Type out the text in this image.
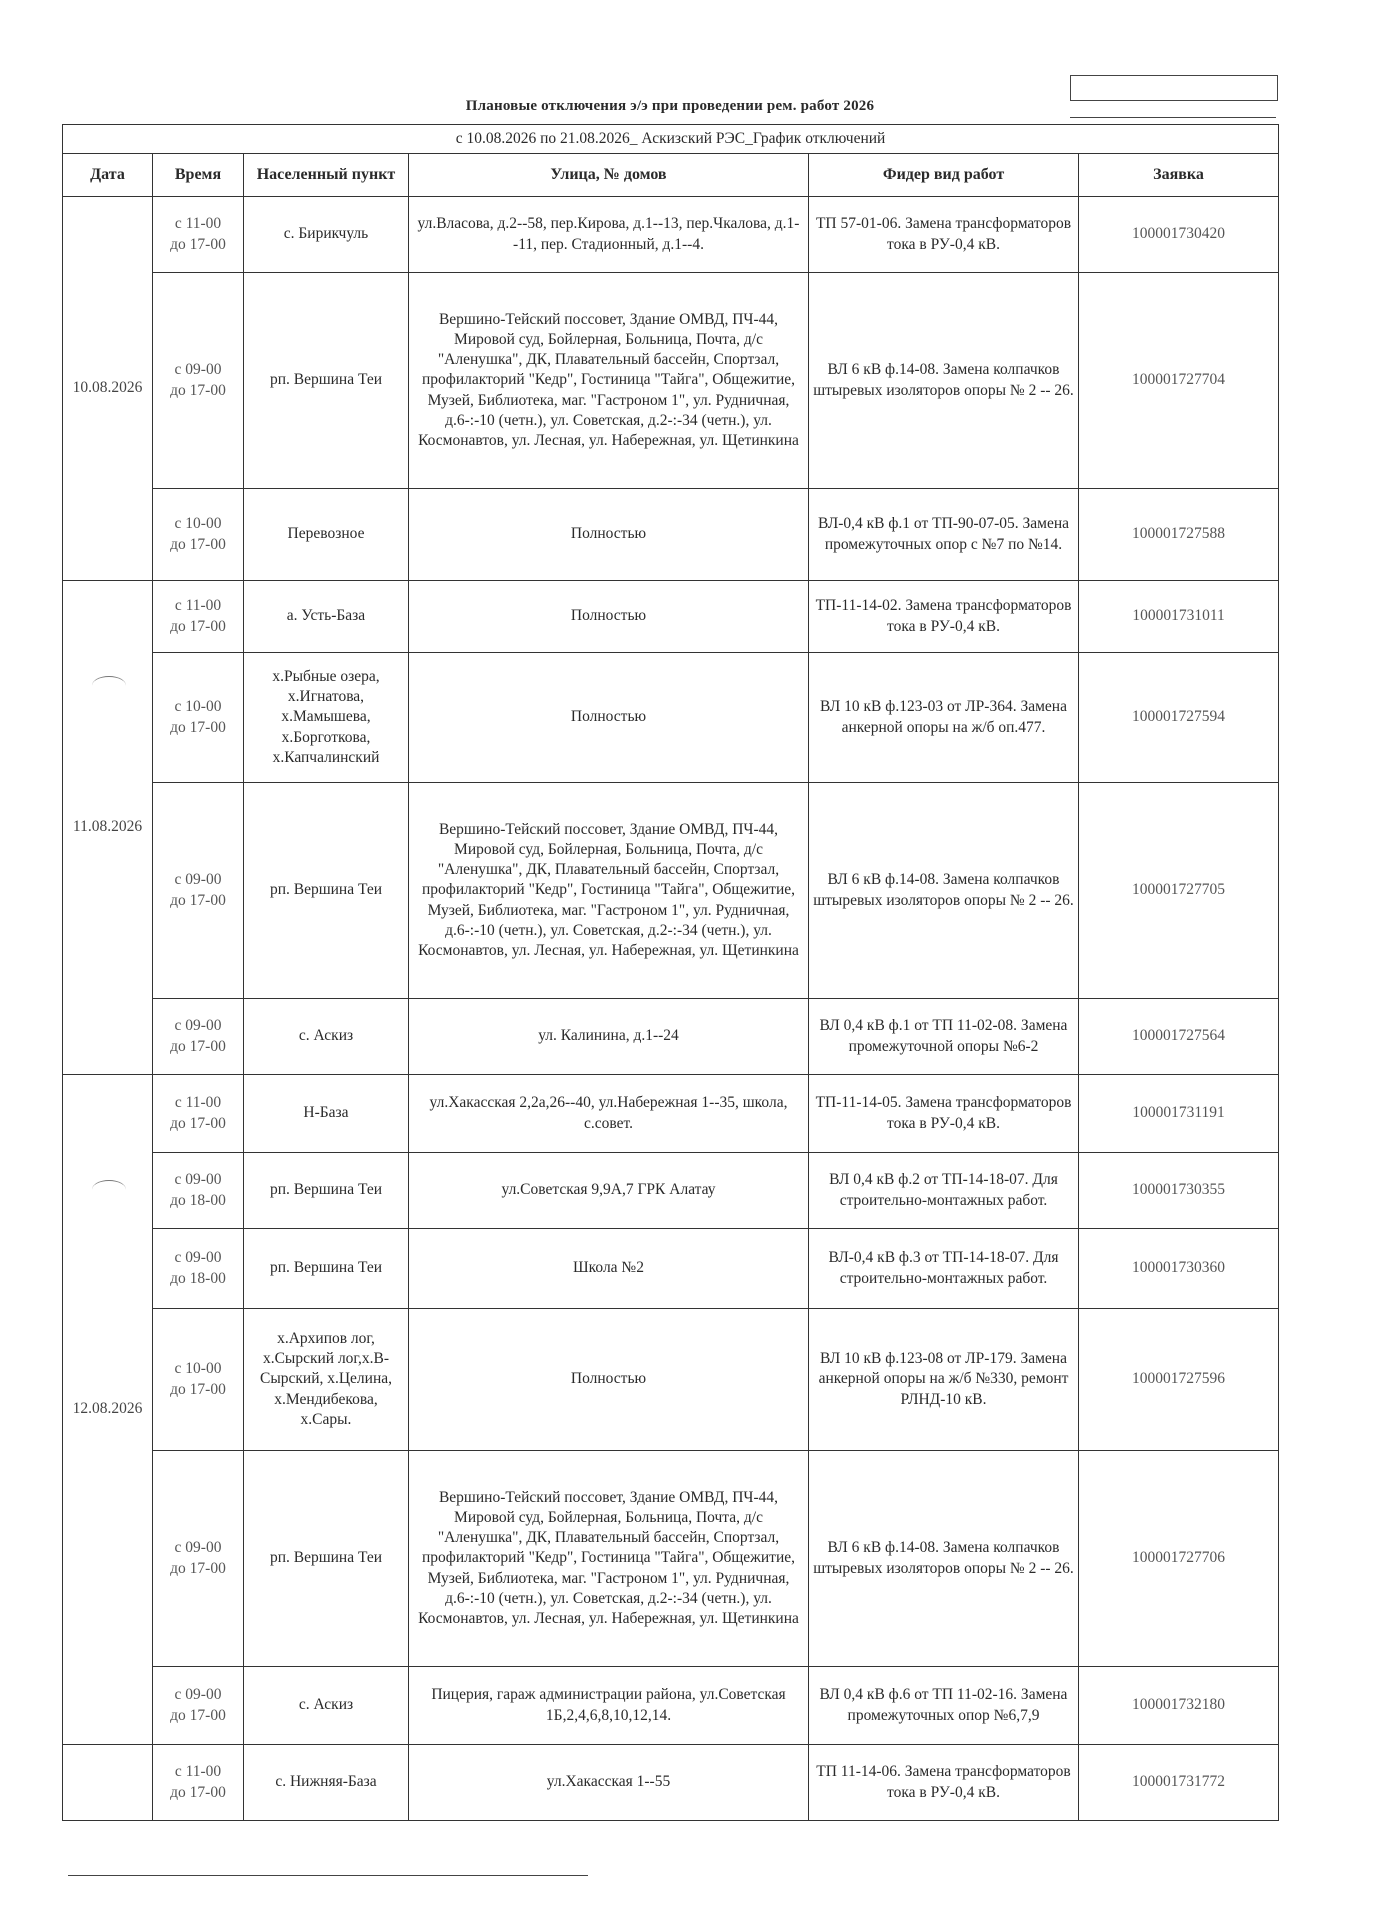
Плановые отключения э/э при проведении рем. работ 2026
с 10.08.2026 по 21.08.2026_ Аскизский РЭС_График отключений					
Дата	Время	Населенный пункт	Улица, № домов	Фидер вид работ	Заявка
10.08.2026	с 11-00
до 17-00	с. Бирикчуль	ул.Власова, д.2--58, пер.Кирова, д.1--13, пер.Чкалова, д.1--11, пер. Стадионный, д.1--4.	ТП 57-01-06. Замена трансформаторов тока в РУ-0,4 кВ.	100001730420
	с 09-00
до 17-00	рп. Вершина Теи	Вершино-Тейский поссовет, Здание ОМВД, ПЧ-44, Мировой суд, Бойлерная, Больница, Почта, д/с "Аленушка", ДК, Плавательный бассейн, Спортзал, профилакторий "Кедр", Гостиница "Тайга", Общежитие, Музей, Библиотека, маг. "Гастроном 1", ул. Рудничная, д.6-:-10 (четн.), ул. Советская, д.2-:-34 (четн.), ул. Космонавтов, ул. Лесная, ул. Набережная, ул. Щетинкина	ВЛ 6 кВ ф.14-08. Замена колпачков штыревых изоляторов опоры № 2 -- 26.	100001727704
	с 10-00
до 17-00	Перевозное	Полностью	ВЛ-0,4 кВ ф.1 от ТП-90-07-05. Замена промежуточных опор с №7 по №14.	100001727588
11.08.2026	с 11-00
до 17-00	а. Усть-База	Полностью	ТП-11-14-02. Замена трансформаторов тока в РУ-0,4 кВ.	100001731011
	с 10-00
до 17-00	х.Рыбные озера, х.Игнатова, х.Мамышева, х.Борготкова, х.Капчалинский	Полностью	ВЛ 10 кВ ф.123-03 от ЛР-364. Замена анкерной опоры на ж/б оп.477.	100001727594
	с 09-00
до 17-00	рп. Вершина Теи	Вершино-Тейский поссовет, Здание ОМВД, ПЧ-44, Мировой суд, Бойлерная, Больница, Почта, д/с "Аленушка", ДК, Плавательный бассейн, Спортзал, профилакторий "Кедр", Гостиница "Тайга", Общежитие, Музей, Библиотека, маг. "Гастроном 1", ул. Рудничная, д.6-:-10 (четн.), ул. Советская, д.2-:-34 (четн.), ул. Космонавтов, ул. Лесная, ул. Набережная, ул. Щетинкина	ВЛ 6 кВ ф.14-08. Замена колпачков штыревых изоляторов опоры № 2 -- 26.	100001727705
	с 09-00
до 17-00	с. Аскиз	ул. Калинина, д.1--24	ВЛ 0,4 кВ ф.1 от ТП 11-02-08. Замена промежуточной опоры №6-2	100001727564
12.08.2026	с 11-00
до 17-00	Н-База	ул.Хакасская 2,2а,26--40, ул.Набережная 1--35, школа, с.совет.	ТП-11-14-05. Замена трансформаторов тока в РУ-0,4 кВ.	100001731191
	с 09-00
до 18-00	рп. Вершина Теи	ул.Советская 9,9А,7 ГРК Алатау	ВЛ 0,4 кВ ф.2 от ТП-14-18-07. Для строительно-монтажных работ.	100001730355
	с 09-00
до 18-00	рп. Вершина Теи	Школа №2	ВЛ-0,4 кВ ф.3 от ТП-14-18-07. Для строительно-монтажных работ.	100001730360
	с 10-00
до 17-00	х.Архипов лог, х.Сырский лог,х.В-Сырский, х.Целина, х.Мендибекова, х.Сары.	Полностью	ВЛ 10 кВ ф.123-08 от ЛР-179. Замена анкерной опоры на ж/б №330, ремонт РЛНД-10 кВ.	100001727596
	с 09-00
до 17-00	рп. Вершина Теи	Вершино-Тейский поссовет, Здание ОМВД, ПЧ-44, Мировой суд, Бойлерная, Больница, Почта, д/с "Аленушка", ДК, Плавательный бассейн, Спортзал, профилакторий "Кедр", Гостиница "Тайга", Общежитие, Музей, Библиотека, маг. "Гастроном 1", ул. Рудничная, д.6-:-10 (четн.), ул. Советская, д.2-:-34 (четн.), ул. Космонавтов, ул. Лесная, ул. Набережная, ул. Щетинкина	ВЛ 6 кВ ф.14-08. Замена колпачков штыревых изоляторов опоры № 2 -- 26.	100001727706
	с 09-00
до 17-00	с. Аскиз	Пицерия, гараж администрации района, ул.Советская 1Б,2,4,6,8,10,12,14.	ВЛ 0,4 кВ ф.6 от ТП 11-02-16. Замена промежуточных опор №6,7,9	100001732180
	с 11-00
до 17-00	с. Нижняя-База	ул.Хакасская 1--55	ТП 11-14-06. Замена трансформаторов тока в РУ-0,4 кВ.	100001731772
